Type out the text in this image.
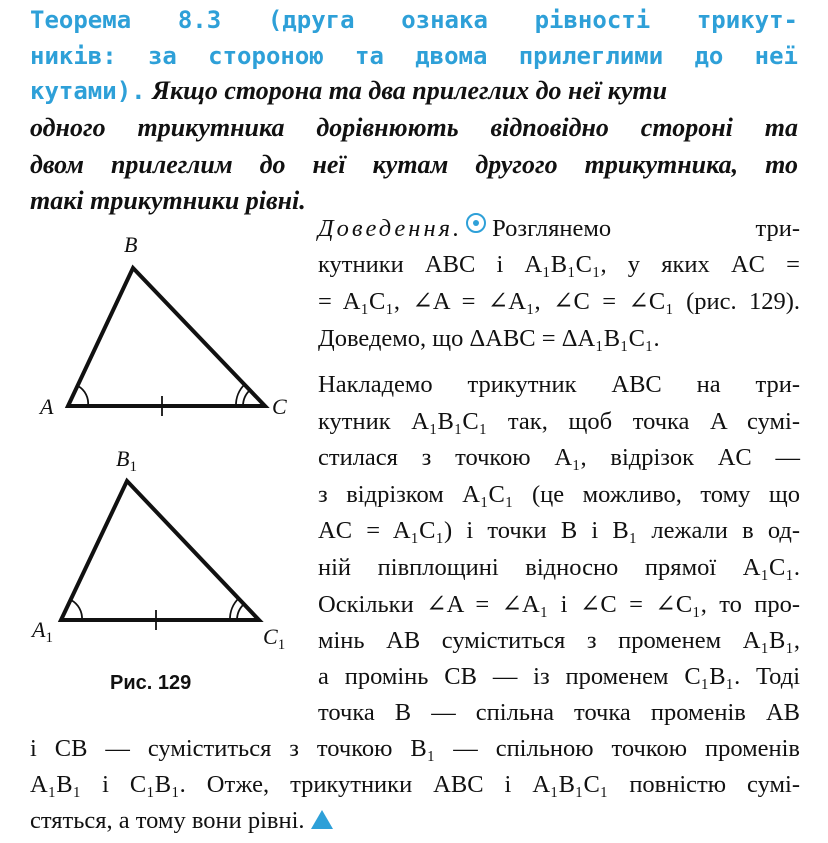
Теорема 8.3 (друга ознака рівності трикут-
ників: за стороною та двома прилеглими до неї
кутами). Якщо сторона та два прилеглих до неї кути
одного трикутника дорівнюють відповідно стороні та
двом прилеглим до неї кутам другого трикутника, то
такі трикутники рівні.
Доведення. Розглянемо три-
кутники ABC і A₁B₁C₁, у яких AC =
= A₁C₁, ∠A = ∠A₁, ∠C = ∠C₁ (рис. 129).
Доведемо, що ΔABC = ΔA₁B₁C₁.
Накладемо трикутник ABC на три-
кутник A₁B₁C₁ так, щоб точка A сумі-
стилася з точкою A₁, відрізок AC —
з відрізком A₁C₁ (це можливо, тому що
AC = A₁C₁) і точки B і B₁ лежали в од-
ній півплощині відносно прямої A₁C₁.
Оскільки ∠A = ∠A₁ і ∠C = ∠C₁, то про-
мінь AB суміститься з променем A₁B₁,
а промінь CB — із променем C₁B₁. Тоді
точка B — спільна точка променів AB
і CB — суміститься з точкою B₁ — спільною точкою променів
A₁B₁ і C₁B₁. Отже, трикутники ABC і A₁B₁C₁ повністю сумі-
стяться, а тому вони рівні.
B
A	C
$B_1$
$A_1$	$C_1$
Рис. 129
